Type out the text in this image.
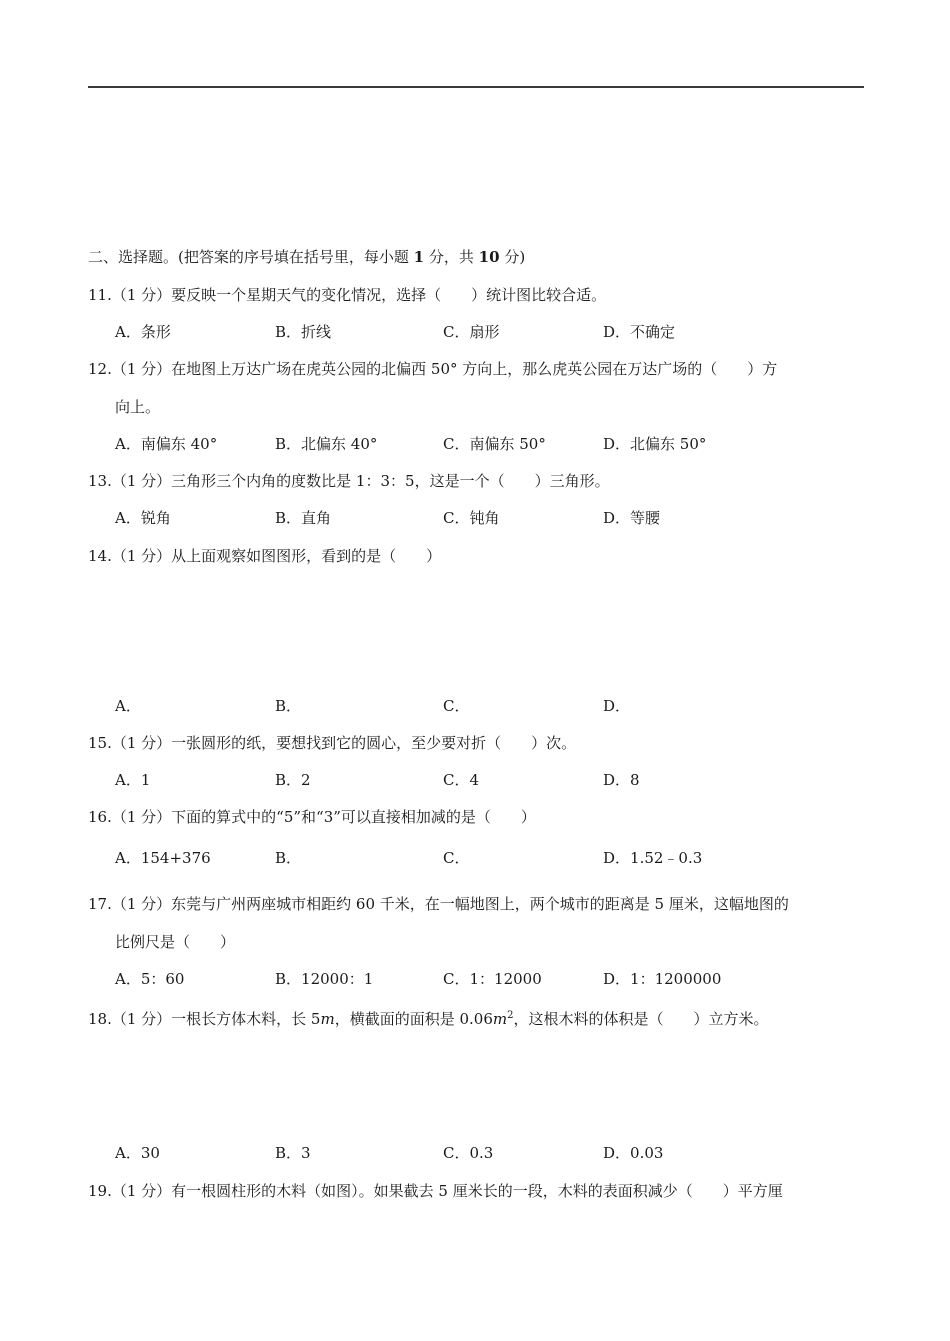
二、选择题。(把答案的序号填在括号里，每小题 1 分，共 10 分)
11.（1 分）要反映一个星期天气的变化情况，选择（　　）统计图比较合适。
A．条形	B．折线	C．扇形	D．不确定
12.（1 分）在地图上万达广场在虎英公园的北偏西 50° 方向上，那么虎英公园在万达广场的（　　）方
向上。
A．南偏东 40°	B．北偏东 40°	C．南偏东 50°	D．北偏东 50°
13.（1 分）三角形三个内角的度数比是 1：3：5，这是一个（　　）三角形。
A．锐角	B．直角	C．钝角	D．等腰
14.（1 分）从上面观察如图图形，看到的是（　　）
A．	B．	C．	D．
15.（1 分）一张圆形的纸，要想找到它的圆心，至少要对折（　　）次。
A．1	B．2	C．4	D．8
16.（1 分）下面的算式中的“5”和“3”可以直接相加减的是（　　）
A．154+376	B．	C．	D．1.52﹣0.3
17.（1 分）东莞与广州两座城市相距约 60 千米，在一幅地图上，两个城市的距离是 5 厘米，这幅地图的
比例尺是（　　）
A．5：60	B．12000：1	C．1：12000	D．1：1200000
18.（1 分）一根长方体木料，长 5m，横截面的面积是 $0.06m^2$，这根木料的体积是（　　）立方米。
A．30	B．3	C．0.3	D．0.03
19.（1 分）有一根圆柱形的木料（如图）。如果截去 5 厘米长的一段，木料的表面积减少（　　）平方厘
